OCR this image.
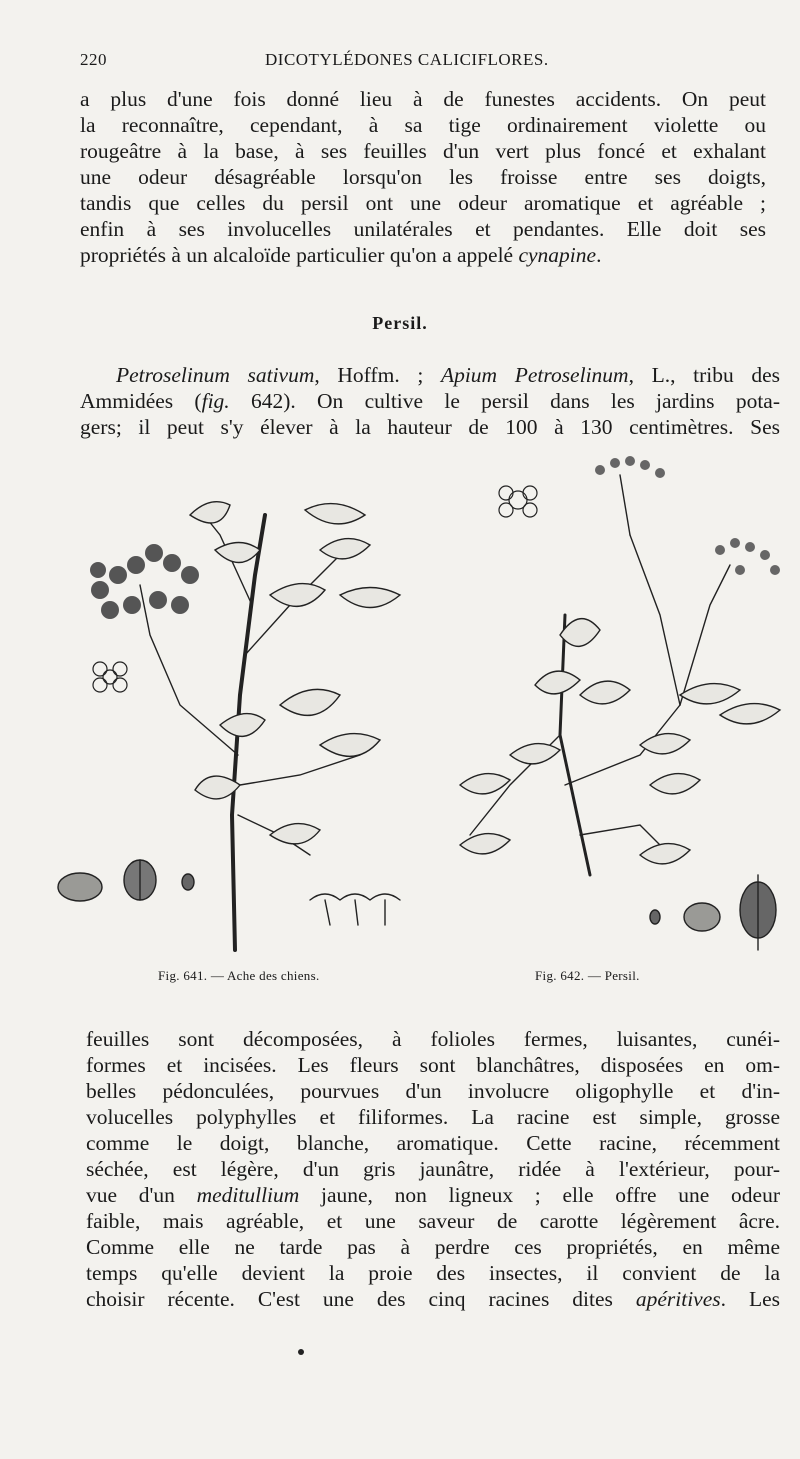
220	DICOTYLÉDONES CALICIFLORES.
a plus d'une fois donné lieu à de funestes accidents. On peut
la reconnaître, cependant, à sa tige ordinairement violette ou
rougeâtre à la base, à ses feuilles d'un vert plus foncé et exhalant
une odeur désagréable lorsqu'on les froisse entre ses doigts,
tandis que celles du persil ont une odeur aromatique et agréable ;
enfin à ses involucelles unilatérales et pendantes. Elle doit ses
propriétés à un alcaloïde particulier qu'on a appelé cynapine.
Persil.
Petroselinum sativum, Hoffm. ; Apium Petroselinum, L., tribu des
Ammidées (fig. 642). On cultive le persil dans les jardins pota-
gers; il peut s'y élever à la hauteur de 100 à 130 centimètres. Ses
Fig. 641. — Ache des chiens.	Fig. 642. — Persil.
feuilles sont décomposées, à folioles fermes, luisantes, cunéi-
formes et incisées. Les fleurs sont blanchâtres, disposées en om-
belles pédonculées, pourvues d'un involucre oligophylle et d'in-
volucelles polyphylles et filiformes. La racine est simple, grosse
comme le doigt, blanche, aromatique. Cette racine, récemment
séchée, est légère, d'un gris jaunâtre, ridée à l'extérieur, pour-
vue d'un meditullium jaune, non ligneux ; elle offre une odeur
faible, mais agréable, et une saveur de carotte légèrement âcre.
Comme elle ne tarde pas à perdre ces propriétés, en même
temps qu'elle devient la proie des insectes, il convient de la
choisir récente. C'est une des cinq racines dites apéritives. Les
